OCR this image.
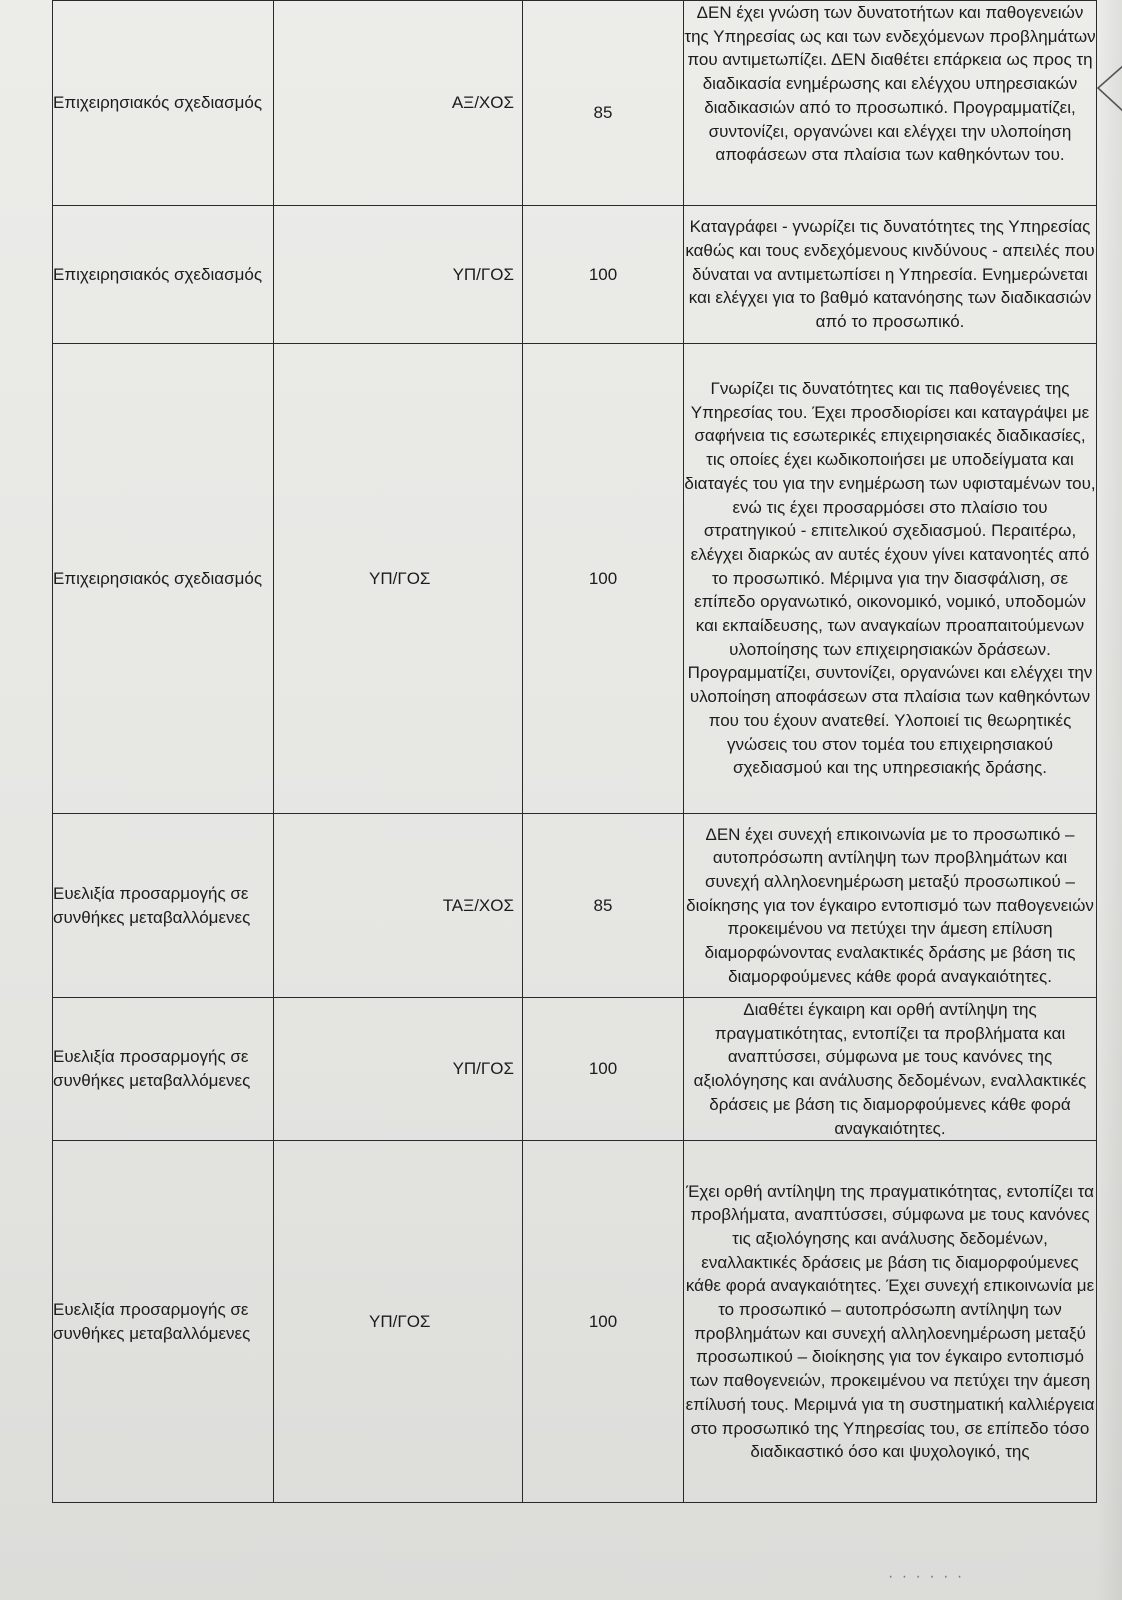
Επιχειρησιακός σχεδιασμός	ΑΞ/ΧΟΣ	85	ΔΕΝ έχει γνώση των δυνατοτήτων και παθογενειών της Υπηρεσίας ως και των ενδεχόμενων προβλημάτων που αντιμετωπίζει. ΔΕΝ διαθέτει επάρκεια ως προς τη διαδικασία ενημέρωσης και ελέγχου υπηρεσιακών διαδικασιών από το προσωπικό. Προγραμματίζει, συντονίζει, οργανώνει και ελέγχει την υλοποίηση αποφάσεων στα πλαίσια των καθηκόντων του.
Επιχειρησιακός σχεδιασμός	ΥΠ/ΓΟΣ	100	Καταγράφει - γνωρίζει τις δυνατότητες της Υπηρεσίας καθώς και τους ενδεχόμενους κινδύνους - απειλές που δύναται να αντιμετωπίσει η Υπηρεσία. Ενημερώνεται και ελέγχει για το βαθμό κατανόησης των διαδικασιών από το προσωπικό.
Επιχειρησιακός σχεδιασμός	ΥΠ/ΓΟΣ	100	Γνωρίζει τις δυνατότητες και τις παθογένειες της Υπηρεσίας του. Έχει προσδιορίσει και καταγράψει με σαφήνεια τις εσωτερικές επιχειρησιακές διαδικασίες, τις οποίες έχει κωδικοποιήσει με υποδείγματα και διαταγές του για την ενημέρωση των υφισταμένων του, ενώ τις έχει προσαρμόσει στο πλαίσιο του στρατηγικού - επιτελικού σχεδιασμού. Περαιτέρω, ελέγχει διαρκώς αν αυτές έχουν γίνει κατανοητές από το προσωπικό. Μέριμνα για την διασφάλιση, σε επίπεδο οργανωτικό, οικονομικό, νομικό, υποδομών και εκπαίδευσης, των αναγκαίων προαπαιτούμενων υλοποίησης των επιχειρησιακών δράσεων. Προγραμματίζει, συντονίζει, οργανώνει και ελέγχει την υλοποίηση αποφάσεων στα πλαίσια των καθηκόντων που του έχουν ανατεθεί. Υλοποιεί τις θεωρητικές γνώσεις του στον τομέα του επιχειρησιακού σχεδιασμού και της υπηρεσιακής δράσης.
Ευελιξία προσαρμογής σε συνθήκες μεταβαλλόμενες	ΤΑΞ/ΧΟΣ	85	ΔΕΝ έχει συνεχή επικοινωνία με το προσωπικό –αυτοπρόσωπη αντίληψη των προβλημάτων και συνεχή αλληλοενημέρωση μεταξύ προσωπικού – διοίκησης για τον έγκαιρο εντοπισμό των παθογενειών προκειμένου να πετύχει την άμεση επίλυση διαμορφώνοντας εναλακτικές δράσης με βάση τις διαμορφούμενες κάθε φορά αναγκαιότητες.
Ευελιξία προσαρμογής σε συνθήκες μεταβαλλόμενες	ΥΠ/ΓΟΣ	100	Διαθέτει έγκαιρη και ορθή αντίληψη της πραγματικότητας, εντοπίζει τα προβλήματα και αναπτύσσει, σύμφωνα με τους κανόνες της αξιολόγησης και ανάλυσης δεδομένων, εναλλακτικές δράσεις με βάση τις διαμορφούμενες κάθε φορά αναγκαιότητες.
Ευελιξία προσαρμογής σε συνθήκες μεταβαλλόμενες	ΥΠ/ΓΟΣ	100	Έχει ορθή αντίληψη της πραγματικότητας, εντοπίζει τα προβλήματα, αναπτύσσει, σύμφωνα με τους κανόνες τις αξιολόγησης και ανάλυσης δεδομένων, εναλλακτικές δράσεις με βάση τις διαμορφούμενες κάθε φορά αναγκαιότητες. Έχει συνεχή επικοινωνία με το προσωπικό – αυτοπρόσωπη αντίληψη των προβλημάτων και συνεχή αλληλοενημέρωση μεταξύ προσωπικού – διοίκησης για τον έγκαιρο εντοπισμό των παθογενειών, προκειμένου να πετύχει την άμεση επίλυσή τους. Μεριμνά για τη συστηματική καλλιέργεια στο προσωπικό της Υπηρεσίας του, σε επίπεδο τόσο διαδικαστικό όσο και ψυχολογικό, της
· · · · · ·
